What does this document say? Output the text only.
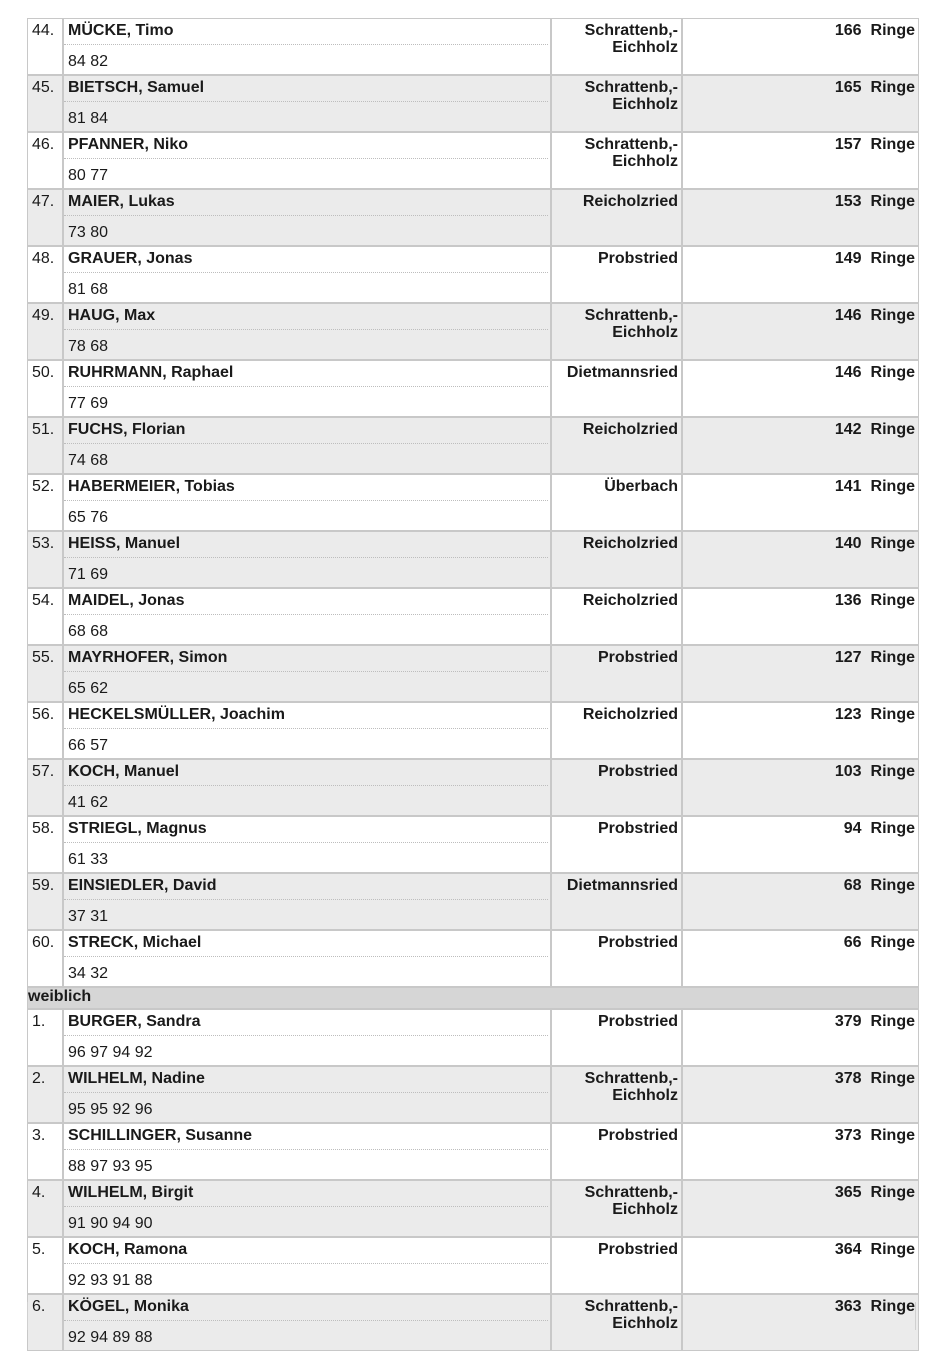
44.	MÜCKE, Timo
84 82	Schrattenb,-
Eichholz	166 Ringe
45.	BIETSCH, Samuel
81 84	Schrattenb,-
Eichholz	165 Ringe
46.	PFANNER, Niko
80 77	Schrattenb,-
Eichholz	157 Ringe
47.	MAIER, Lukas
73 80	Reicholzried	153 Ringe
48.	GRAUER, Jonas
81 68	Probstried	149 Ringe
49.	HAUG, Max
78 68	Schrattenb,-
Eichholz	146 Ringe
50.	RUHRMANN, Raphael
77 69	Dietmannsried	146 Ringe
51.	FUCHS, Florian
74 68	Reicholzried	142 Ringe
52.	HABERMEIER, Tobias
65 76	Überbach	141 Ringe
53.	HEISS, Manuel
71 69	Reicholzried	140 Ringe
54.	MAIDEL, Jonas
68 68	Reicholzried	136 Ringe
55.	MAYRHOFER, Simon
65 62	Probstried	127 Ringe
56.	HECKELSMÜLLER, Joachim
66 57	Reicholzried	123 Ringe
57.	KOCH, Manuel
41 62	Probstried	103 Ringe
58.	STRIEGL, Magnus
61 33	Probstried	94 Ringe
59.	EINSIEDLER, David
37 31	Dietmannsried	68 Ringe
60.	STRECK, Michael
34 32	Probstried	66 Ringe
weiblich			
1.	BURGER, Sandra
96 97 94 92	Probstried	379 Ringe
2.	WILHELM, Nadine
95 95 92 96	Schrattenb,-
Eichholz	378 Ringe
3.	SCHILLINGER, Susanne
88 97 93 95	Probstried	373 Ringe
4.	WILHELM, Birgit
91 90 94 90	Schrattenb,-
Eichholz	365 Ringe
5.	KOCH, Ramona
92 93 91 88	Probstried	364 Ringe
6.	KÖGEL, Monika
92 94 89 88	Schrattenb,-
Eichholz	363 Ringe
